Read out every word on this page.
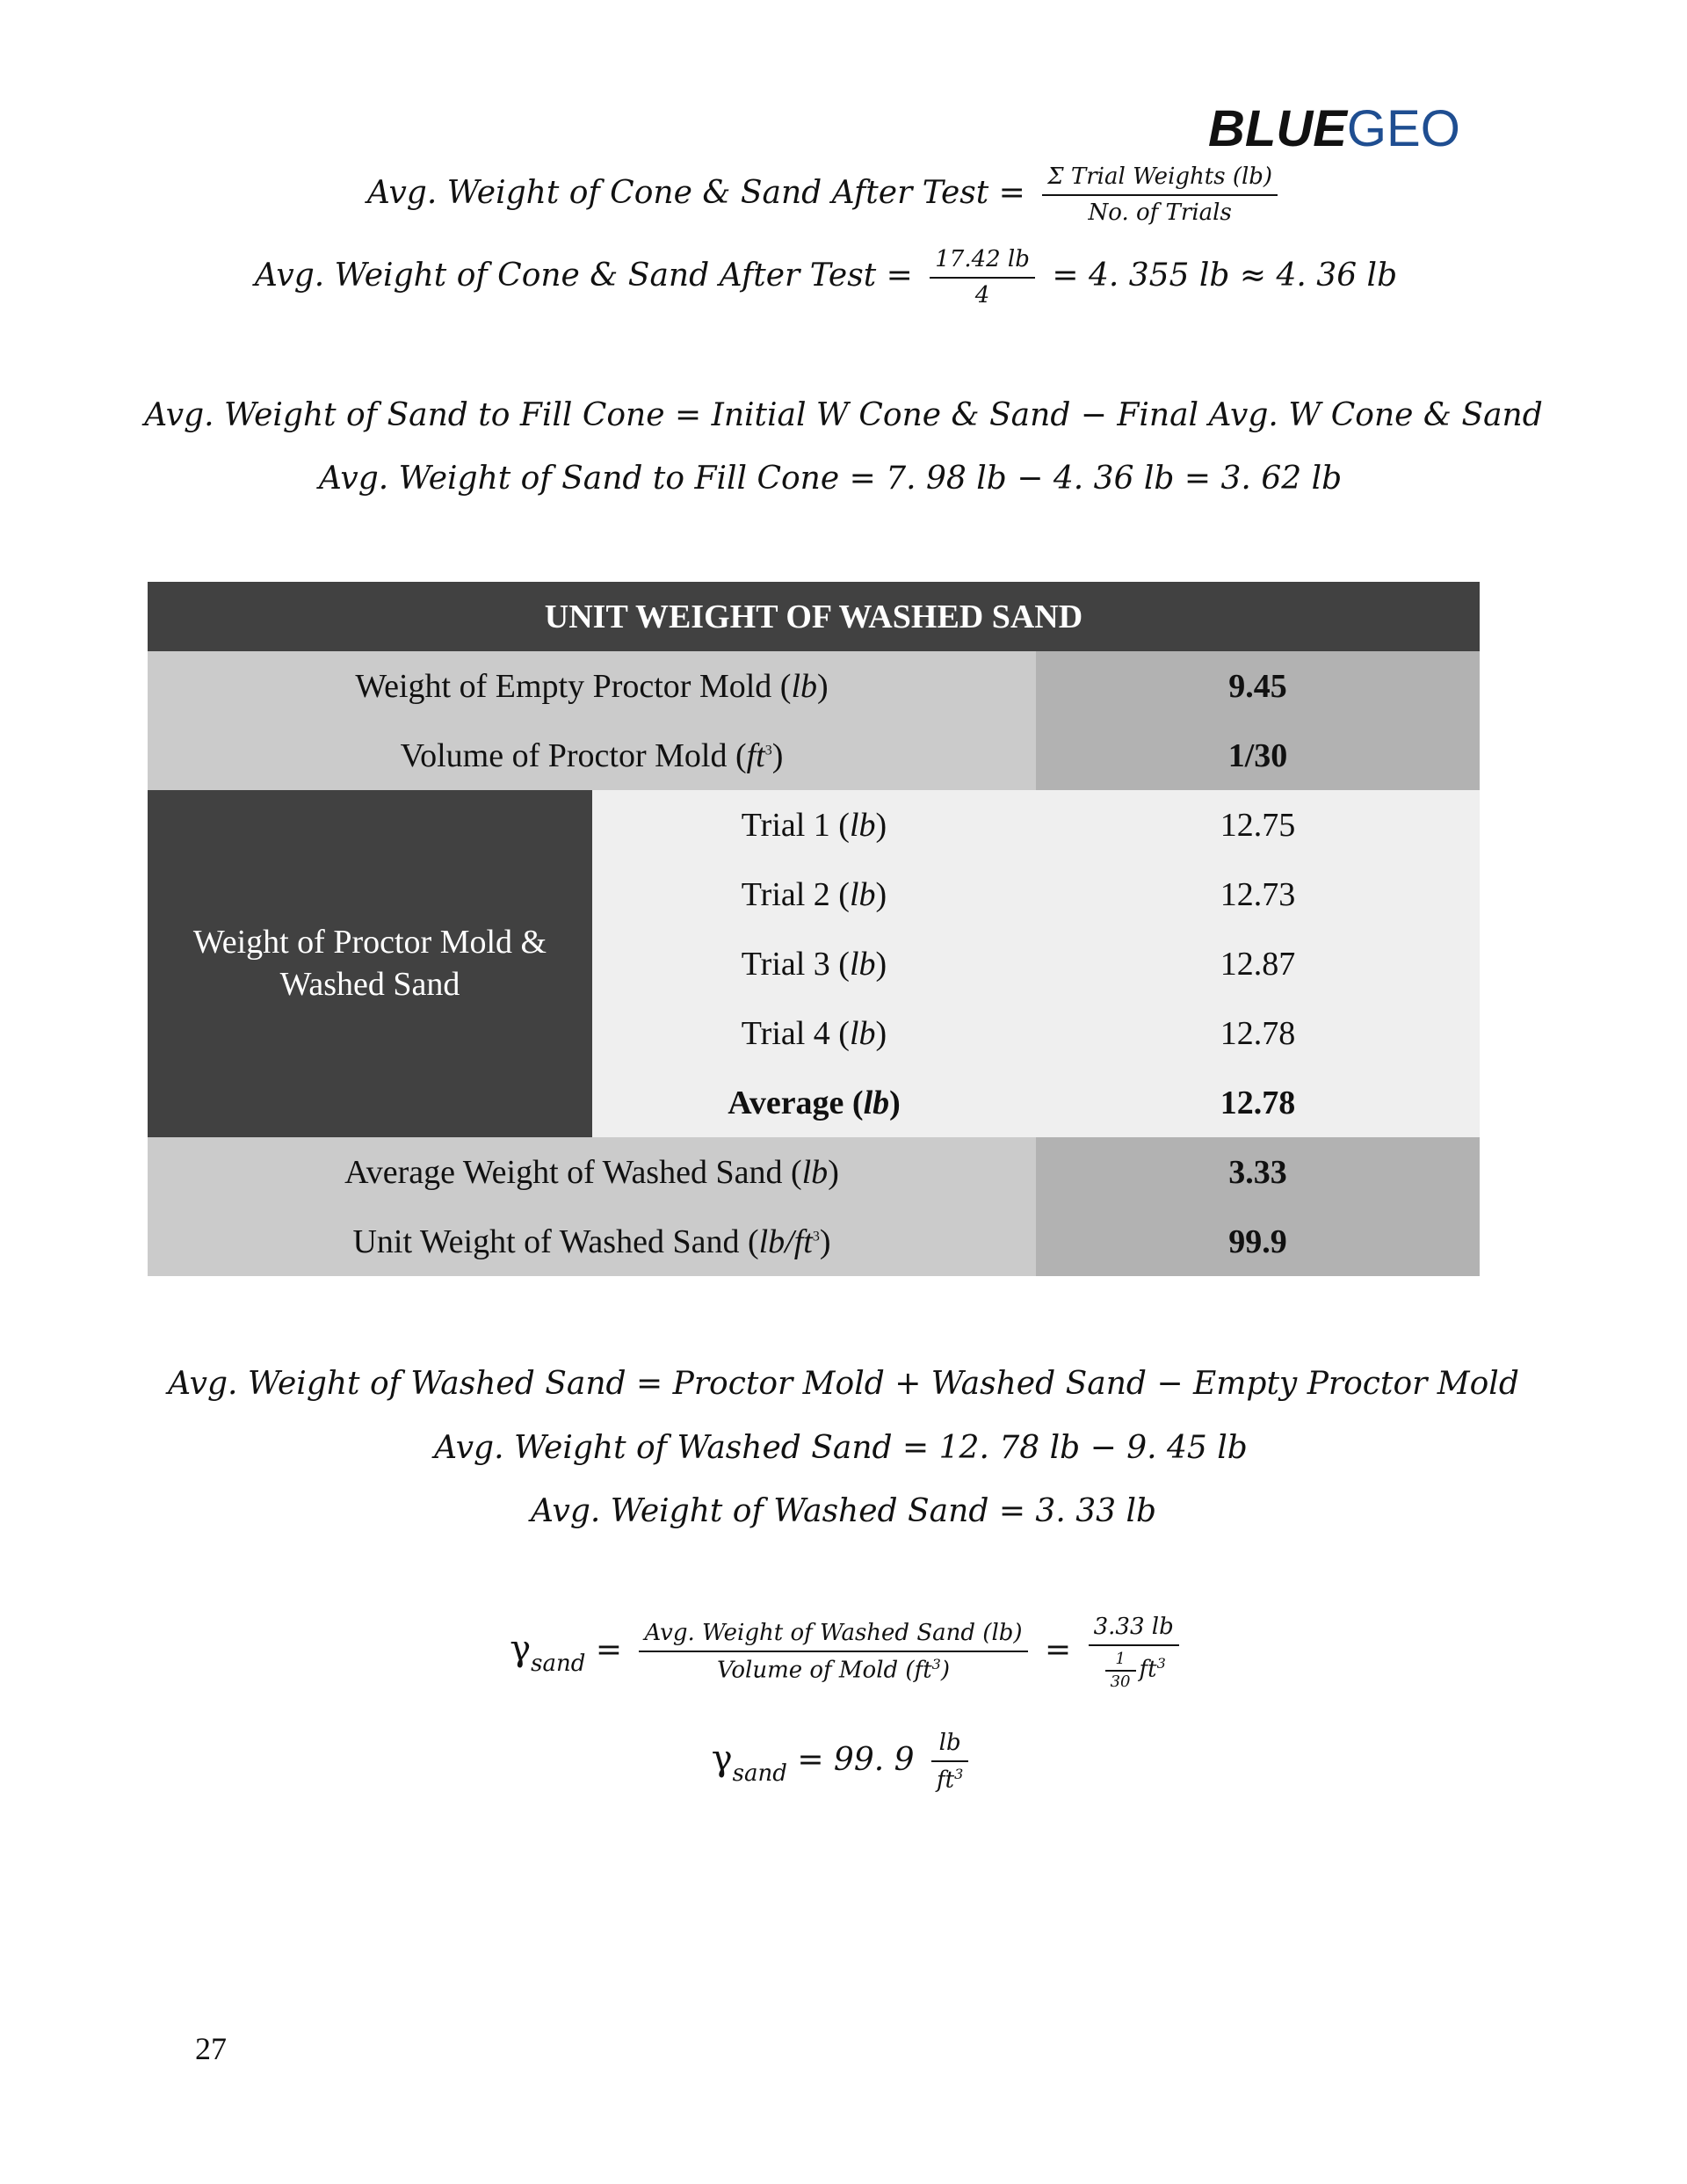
BLUEGEO
Avg. Weight of Cone & Sand After Test = $\frac{\text{Σ Trial Weights (lb)}}{\text{No. of Trials}}$
Avg. Weight of Cone & Sand After Test = $\frac{17.42 lb}{4} = 4$. 355 lb ≈ 4. 36 lb
Avg. Weight of Sand to Fill Cone = Initial W Cone & Sand − Final Avg. W Cone & Sand
Avg. Weight of Sand to Fill Cone = 7. 98 lb − 4. 36 lb = 3. 62 lb
UNIT WEIGHT OF WASHED SAND		
Weight of Empty Proctor Mold (lb)		9.45
Volume of Proctor Mold $(ft^3)$		1/30

Weight of Proctor Mold & Washed Sand	Trial 1 (lb)	12.75
	Trial 2 (lb)	12.73
	Trial 3 (lb)	12.87
	Trial 4 (lb)	12.78
	Average (lb)	12.78
Average Weight of Washed Sand (lb)		3.33
Unit Weight of Washed Sand $(lb/ft^3)$		99.9
Avg. Weight of Washed Sand = Proctor Mold + Washed Sand − Empty Proctor Mold
Avg. Weight of Washed Sand = 12. 78 lb − 9. 45 lb
Avg. Weight of Washed Sand = 3. 33 lb
$\gamma_{sand} = \frac{\text{Avg. Weight of Washed Sand (lb)}}{Volume of Mold (ft^3)} = \frac{3.33 lb}{\frac{1}{30} ft^3}$
$\gamma_{sand} = 99$. $9 \frac{lb}{ft^3}$
27
